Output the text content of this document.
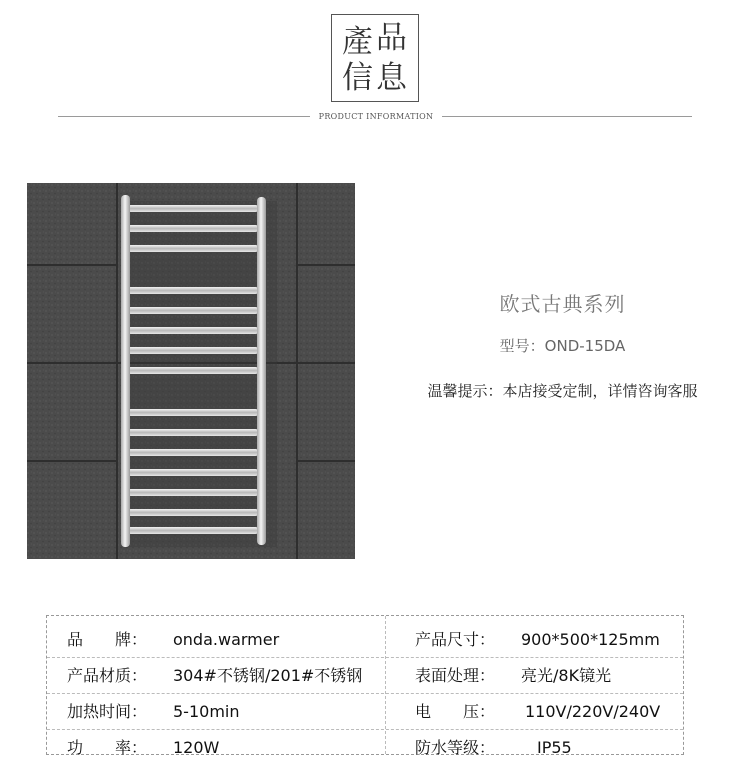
產 品
信 息
PRODUCT INFORMATION
欧式古典系列
型号：OND-15DA
温馨提示：本店接受定制，详情咨询客服
品　　牌： onda.warmer	产品尺寸： 900*500*125mm
产品材质： 304#不锈钢/201#不锈钢	表面处理： 亮光/8K镜光
加热时间： 5-10min	电　　压： 110V/220V/240V
功　　率： 120W	防水等级：	IP55
